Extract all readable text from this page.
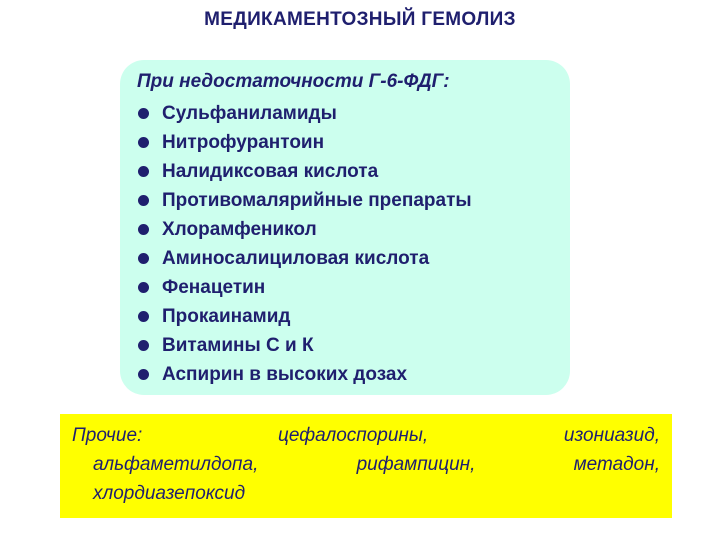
МЕДИКАМЕНТОЗНЫЙ ГЕМОЛИЗ
При недостаточности Г-6-ФДГ:
Сульфаниламиды
Нитрофурантоин
Налидиксовая кислота
Противомалярийные препараты
Хлорамфеникол
Аминосалициловая кислота
Фенацетин
Прокаинамид
Витамины С и К
Аспирин в высоких дозах
Прочие:	цефалоспорины,	изониазид,
альфаметилдопа,	рифампицин,	метадон,
хлордиазепоксид
